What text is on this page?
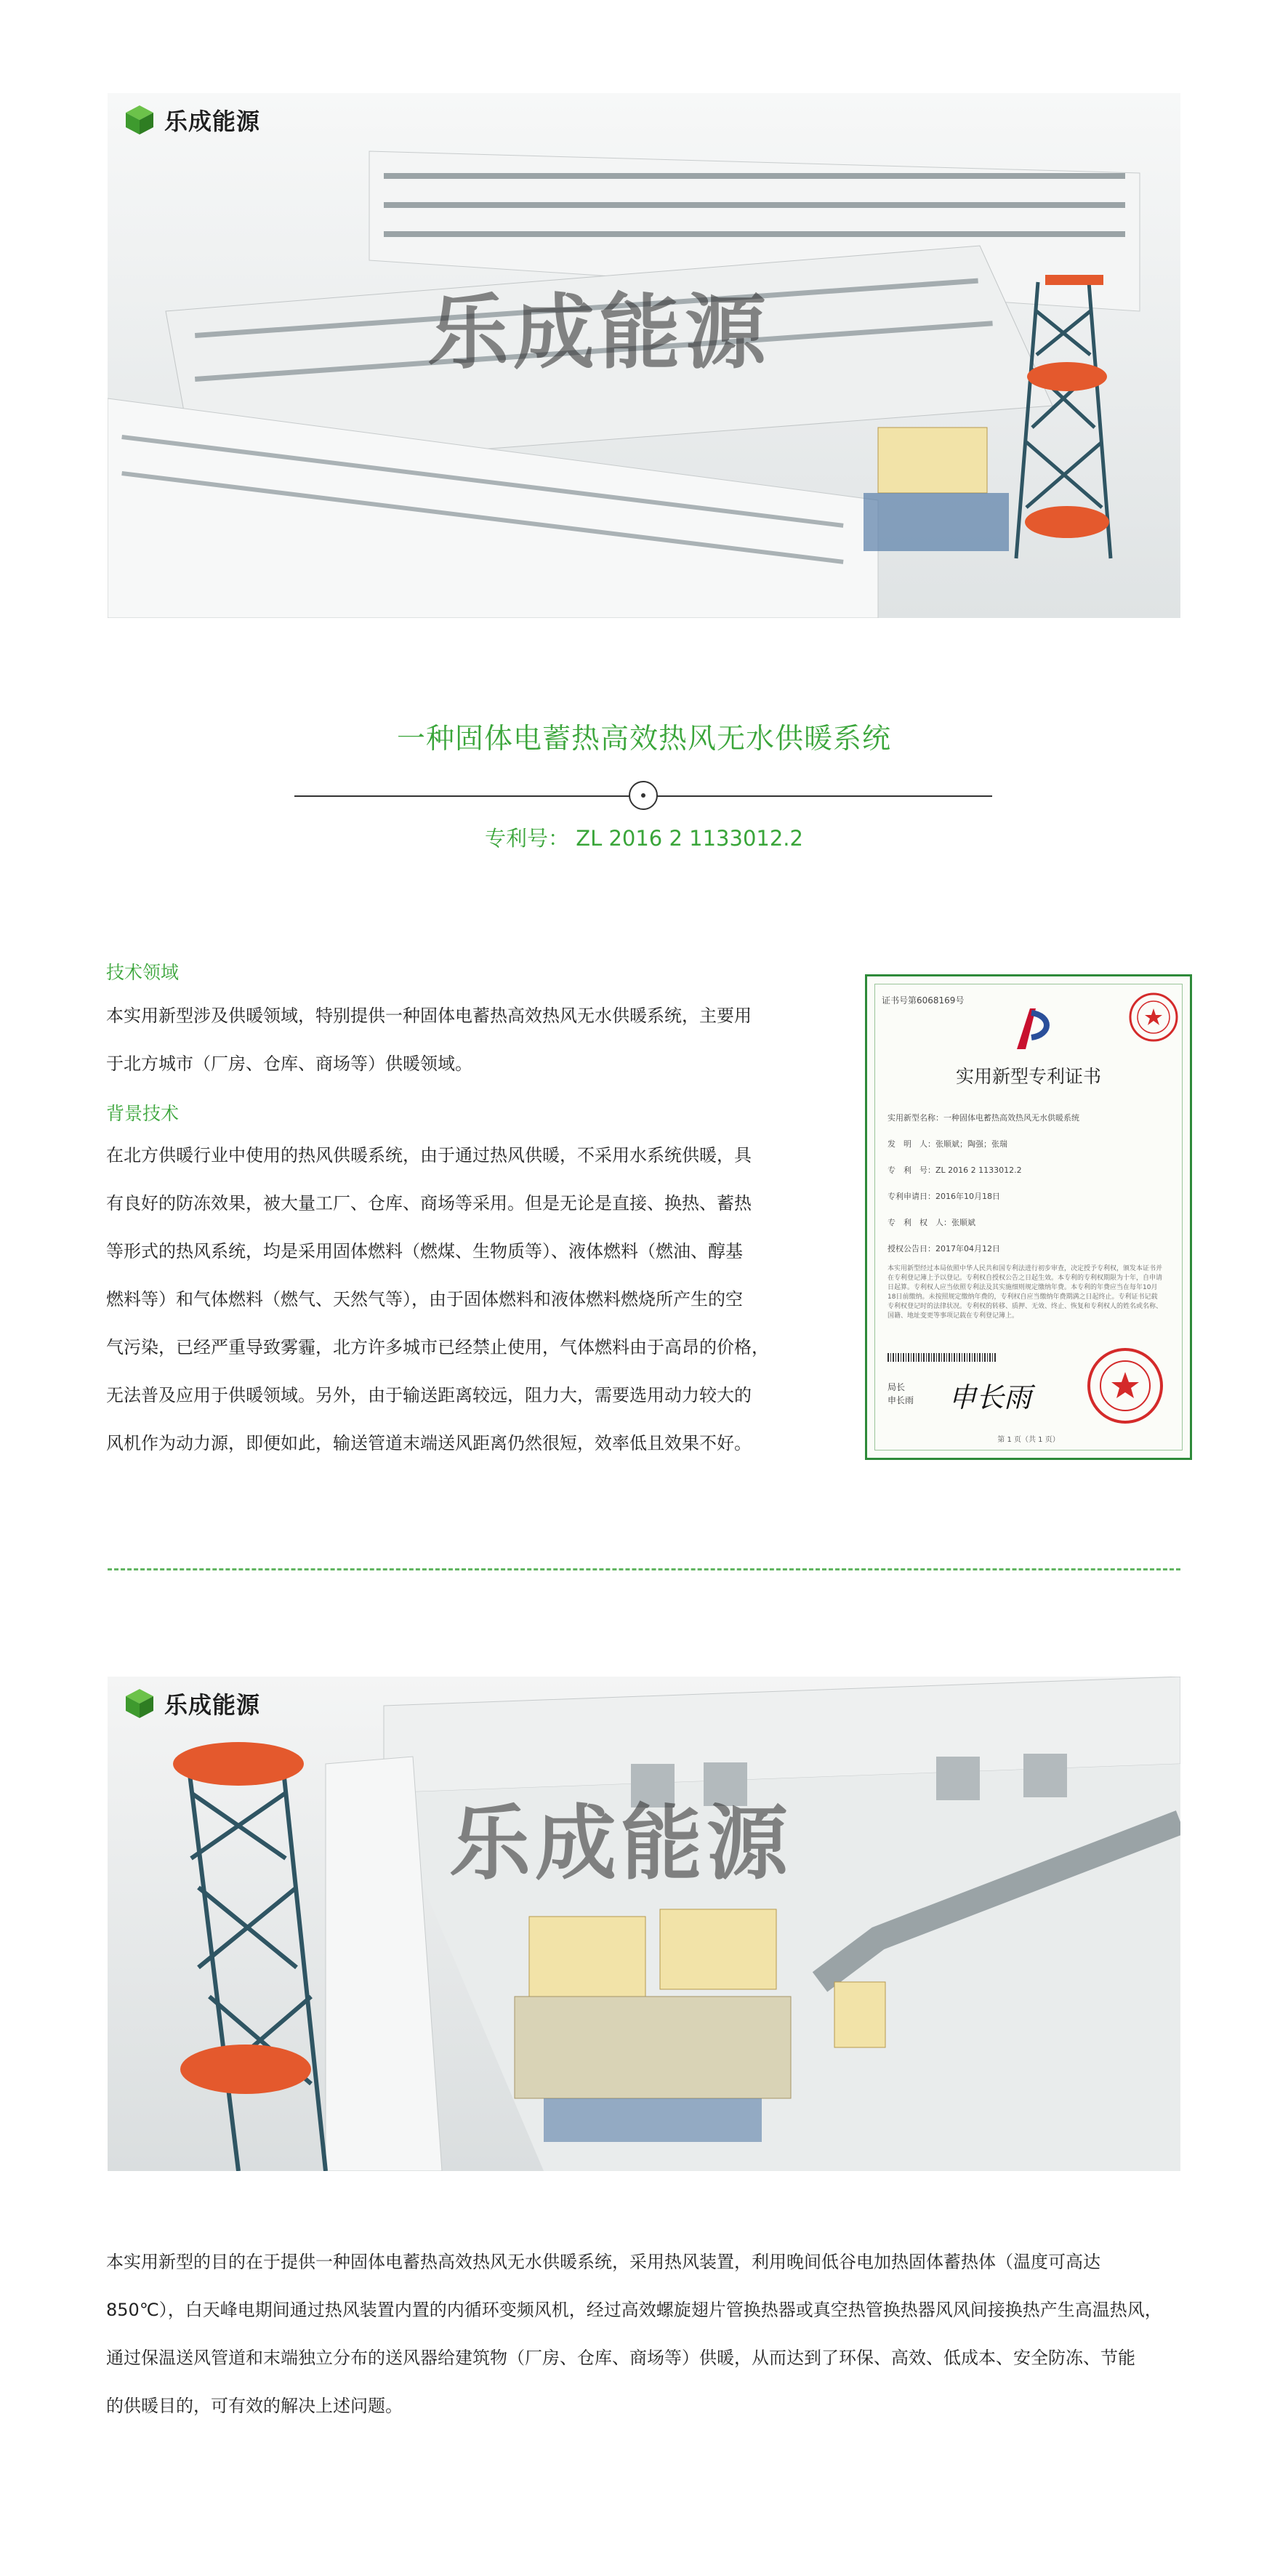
乐成能源
乐成能源
一种固体电蓄热高效热风无水供暖系统
专利号： ZL 2016 2 1133012.2
技术领域
本实用新型涉及供暖领域，特别提供一种固体电蓄热高效热风无水供暖系统，主要用
于北方城市（厂房、仓库、商场等）供暖领域。
背景技术
在北方供暖行业中使用的热风供暖系统，由于通过热风供暖，不采用水系统供暖，具
有良好的防冻效果，被大量工厂、仓库、商场等采用。但是无论是直接、换热、蓄热
等形式的热风系统，均是采用固体燃料（燃煤、生物质等）、液体燃料（燃油、醇基
燃料等）和气体燃料（燃气、天然气等），由于固体燃料和液体燃料燃烧所产生的空
气污染，已经严重导致雾霾，北方许多城市已经禁止使用，气体燃料由于高昂的价格，
无法普及应用于供暖领域。另外，由于输送距离较远，阻力大，需要选用动力较大的
风机作为动力源，即便如此，输送管道末端送风距离仍然很短，效率低且效果不好。
证书号第6068169号
实用新型专利证书
实用新型名称：一种固体电蓄热高效热风无水供暖系统
发　明　人：张顺斌；陶强；张瑞
专　利　号：ZL 2016 2 1133012.2
专利申请日：2016年10月18日
专　利　权　人：张顺斌
授权公告日：2017年04月12日
本实用新型经过本局依照中华人民共和国专利法进行初步审查，决定授予专利权，颁发本证书并在专利登记簿上予以登记。专利权自授权公告之日起生效。本专利的专利权期限为十年，自申请日起算。专利权人应当依照专利法及其实施细则规定缴纳年费。本专利的年费应当在每年10月18日前缴纳。未按照规定缴纳年费的，专利权自应当缴纳年费期满之日起终止。专利证书记载专利权登记时的法律状况。专利权的转移、质押、无效、终止、恢复和专利权人的姓名或名称、国籍、地址变更等事项记载在专利登记簿上。
局长
申长雨 申长雨
第 1 页（共 1 页）
乐成能源
乐成能源
本实用新型的目的在于提供一种固体电蓄热高效热风无水供暖系统，采用热风装置，利用晚间低谷电加热固体蓄热体（温度可高达
850℃），白天峰电期间通过热风装置内置的内循环变频风机，经过高效螺旋翅片管换热器或真空热管换热器风风间接换热产生高温热风，
通过保温送风管道和末端独立分布的送风器给建筑物（厂房、仓库、商场等）供暖，从而达到了环保、高效、低成本、安全防冻、节能
的供暖目的，可有效的解决上述问题。
